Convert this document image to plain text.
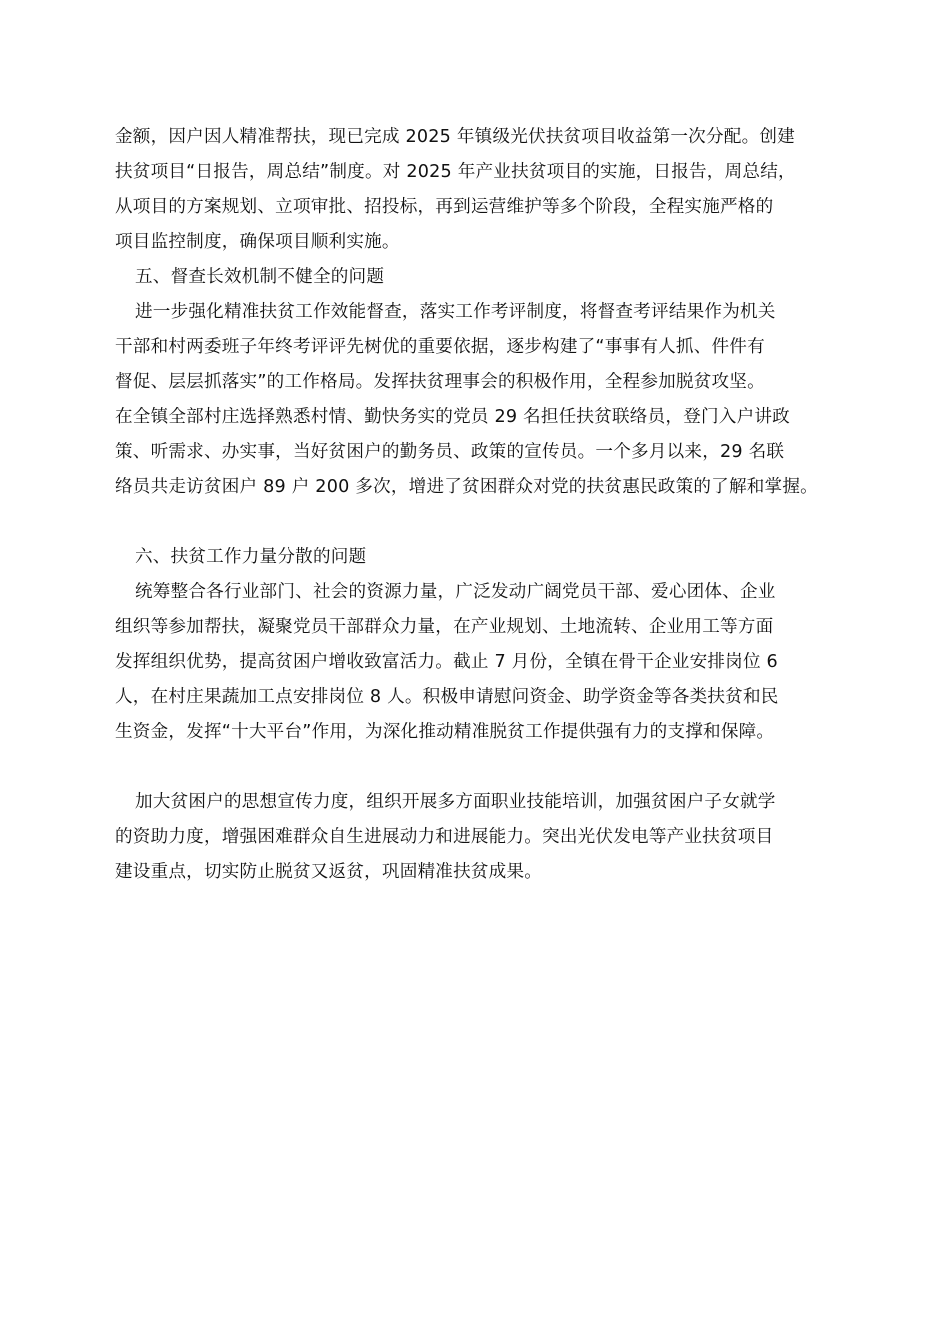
金额，因户因人精准帮扶，现已完成 2025 年镇级光伏扶贫项目收益第一次分配。创建
扶贫项目“日报告，周总结”制度。对 2025 年产业扶贫项目的实施，日报告，周总结，
从项目的方案规划、立项审批、招投标，再到运营维护等多个阶段，全程实施严格的
项目监控制度，确保项目顺利实施。
五、督查长效机制不健全的问题
进一步强化精准扶贫工作效能督查，落实工作考评制度，将督查考评结果作为机关
干部和村两委班子年终考评评先树优的重要依据，逐步构建了“事事有人抓、件件有
督促、层层抓落实”的工作格局。发挥扶贫理事会的积极作用，全程参加脱贫攻坚。
在全镇全部村庄选择熟悉村情、勤快务实的党员 29 名担任扶贫联络员，登门入户讲政
策、听需求、办实事，当好贫困户的勤务员、政策的宣传员。一个多月以来，29 名联
络员共走访贫困户 89 户 200 多次，增进了贫困群众对党的扶贫惠民政策的了解和掌握。
六、扶贫工作力量分散的问题
统筹整合各行业部门、社会的资源力量，广泛发动广阔党员干部、爱心团体、企业
组织等参加帮扶，凝聚党员干部群众力量，在产业规划、土地流转、企业用工等方面
发挥组织优势，提高贫困户增收致富活力。截止 7 月份，全镇在骨干企业安排岗位 6
人，在村庄果蔬加工点安排岗位 8 人。积极申请慰问资金、助学资金等各类扶贫和民
生资金，发挥“十大平台”作用，为深化推动精准脱贫工作提供强有力的支撑和保障。
加大贫困户的思想宣传力度，组织开展多方面职业技能培训，加强贫困户子女就学
的资助力度，增强困难群众自生进展动力和进展能力。突出光伏发电等产业扶贫项目
建设重点，切实防止脱贫又返贫，巩固精准扶贫成果。
